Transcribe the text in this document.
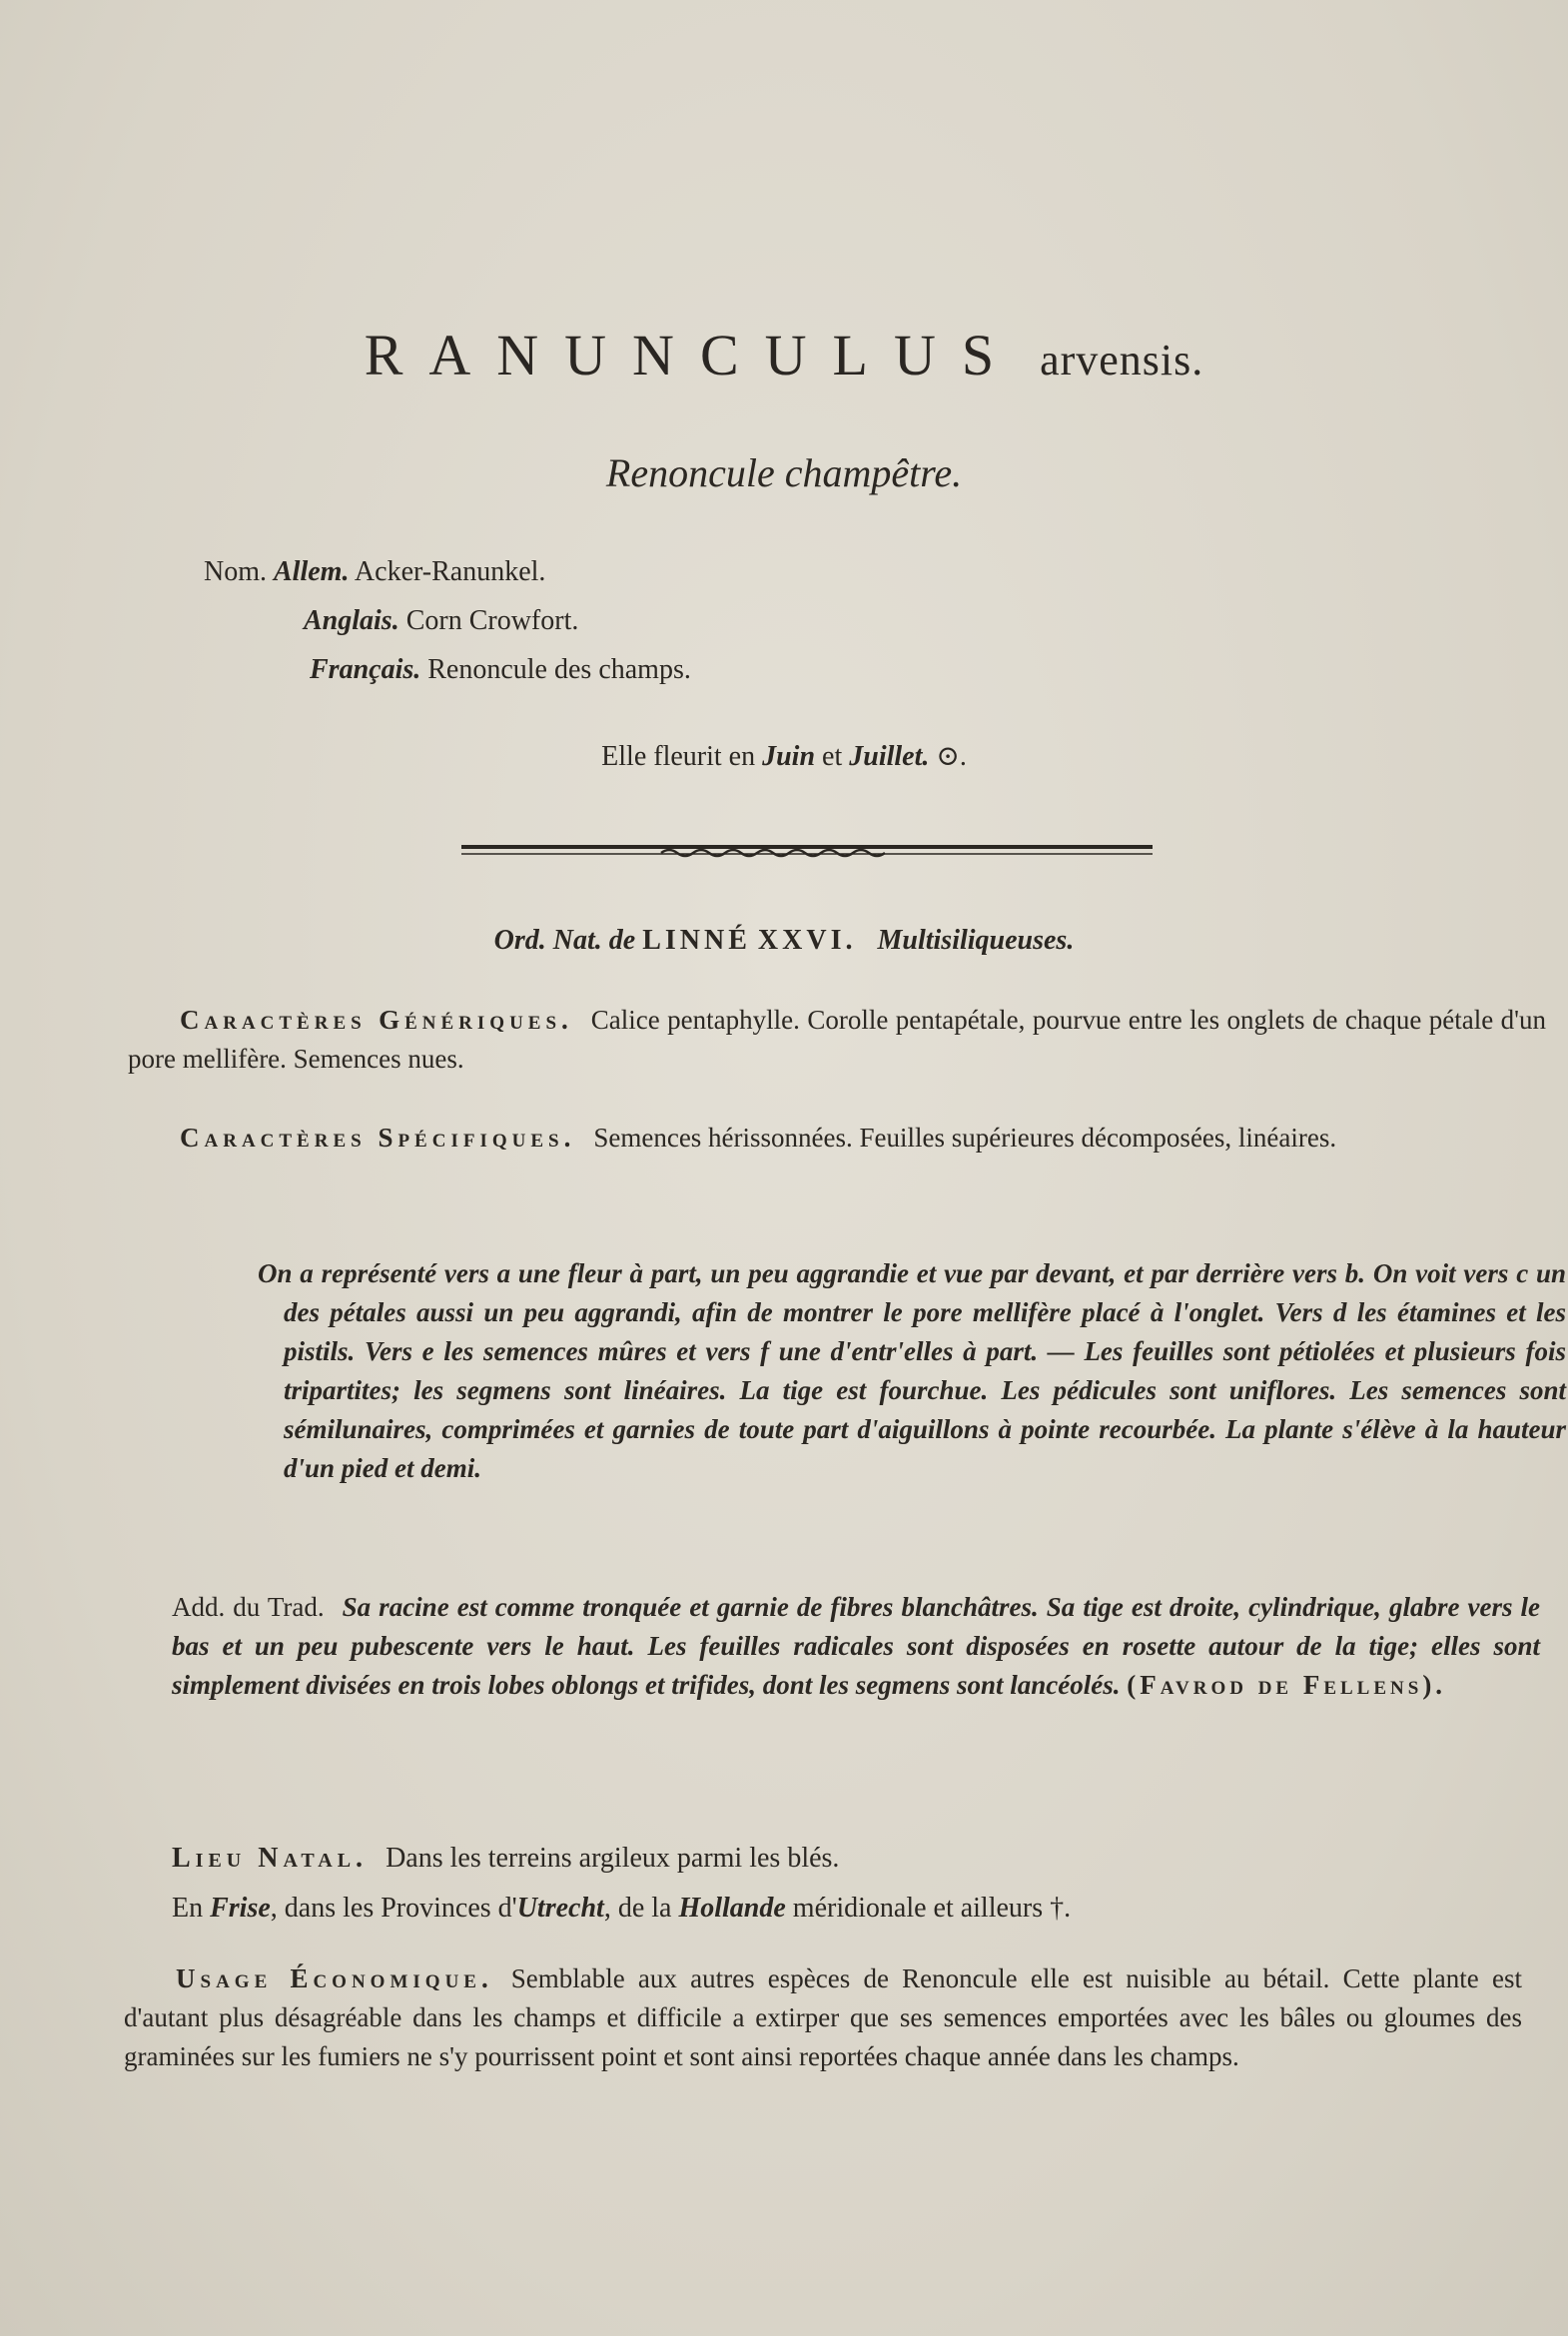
RANUNCULUS arvensis.
Renoncule champêtre.
Nom. Allem. Acker-Ranunkel.
Anglais. Corn Crowfort.
Français. Renoncule des champs.
Elle fleurit en Juin et Juillet. ⊙.
Ord. Nat. de LINNÉ XXVI. Multisiliqueuses.

Caractères Génériques. Calice pentaphylle. Corolle pentapétale, pourvue entre les onglets de chaque pétale d'un pore mellifère. Semences nues.

Caractères Spécifiques. Semences hérissonnées. Feuilles supérieures décomposées, linéaires.

On a représenté vers a une fleur à part, un peu aggrandie et vue par devant, et par derrière vers b. On voit vers c un des pétales aussi un peu aggrandi, afin de montrer le pore mellifère placé à l'onglet. Vers d les étamines et les pistils. Vers e les semences mûres et vers f une d'entr'elles à part. — Les feuilles sont pétiolées et plusieurs fois tripartites; les segmens sont linéaires. La tige est fourchue. Les pédicules sont uniflores. Les semences sont sémilunaires, comprimées et garnies de toute part d'aiguillons à pointe recourbée. La plante s'élève à la hauteur d'un pied et demi.

Add. du Trad. Sa racine est comme tronquée et garnie de fibres blanchâtres. Sa tige est droite, cylindrique, glabre vers le bas et un peu pubescente vers le haut. Les feuilles radicales sont disposées en rosette autour de la tige; elles sont simplement divisées en trois lobes oblongs et trifides, dont les segmens sont lancéolés. (Favrod de Fellens).

Lieu Natal. Dans les terreins argileux parmi les blés.
En Frise, dans les Provinces d'Utrecht, de la Hollande méridionale et ailleurs †.

Usage Économique. Semblable aux autres espèces de Renoncule elle est nuisible au bétail. Cette plante est d'autant plus désagréable dans les champs et difficile a extirper que ses semences emportées avec les bâles ou gloumes des graminées sur les fumiers ne s'y pourrissent point et sont ainsi reportées chaque année dans les champs.
